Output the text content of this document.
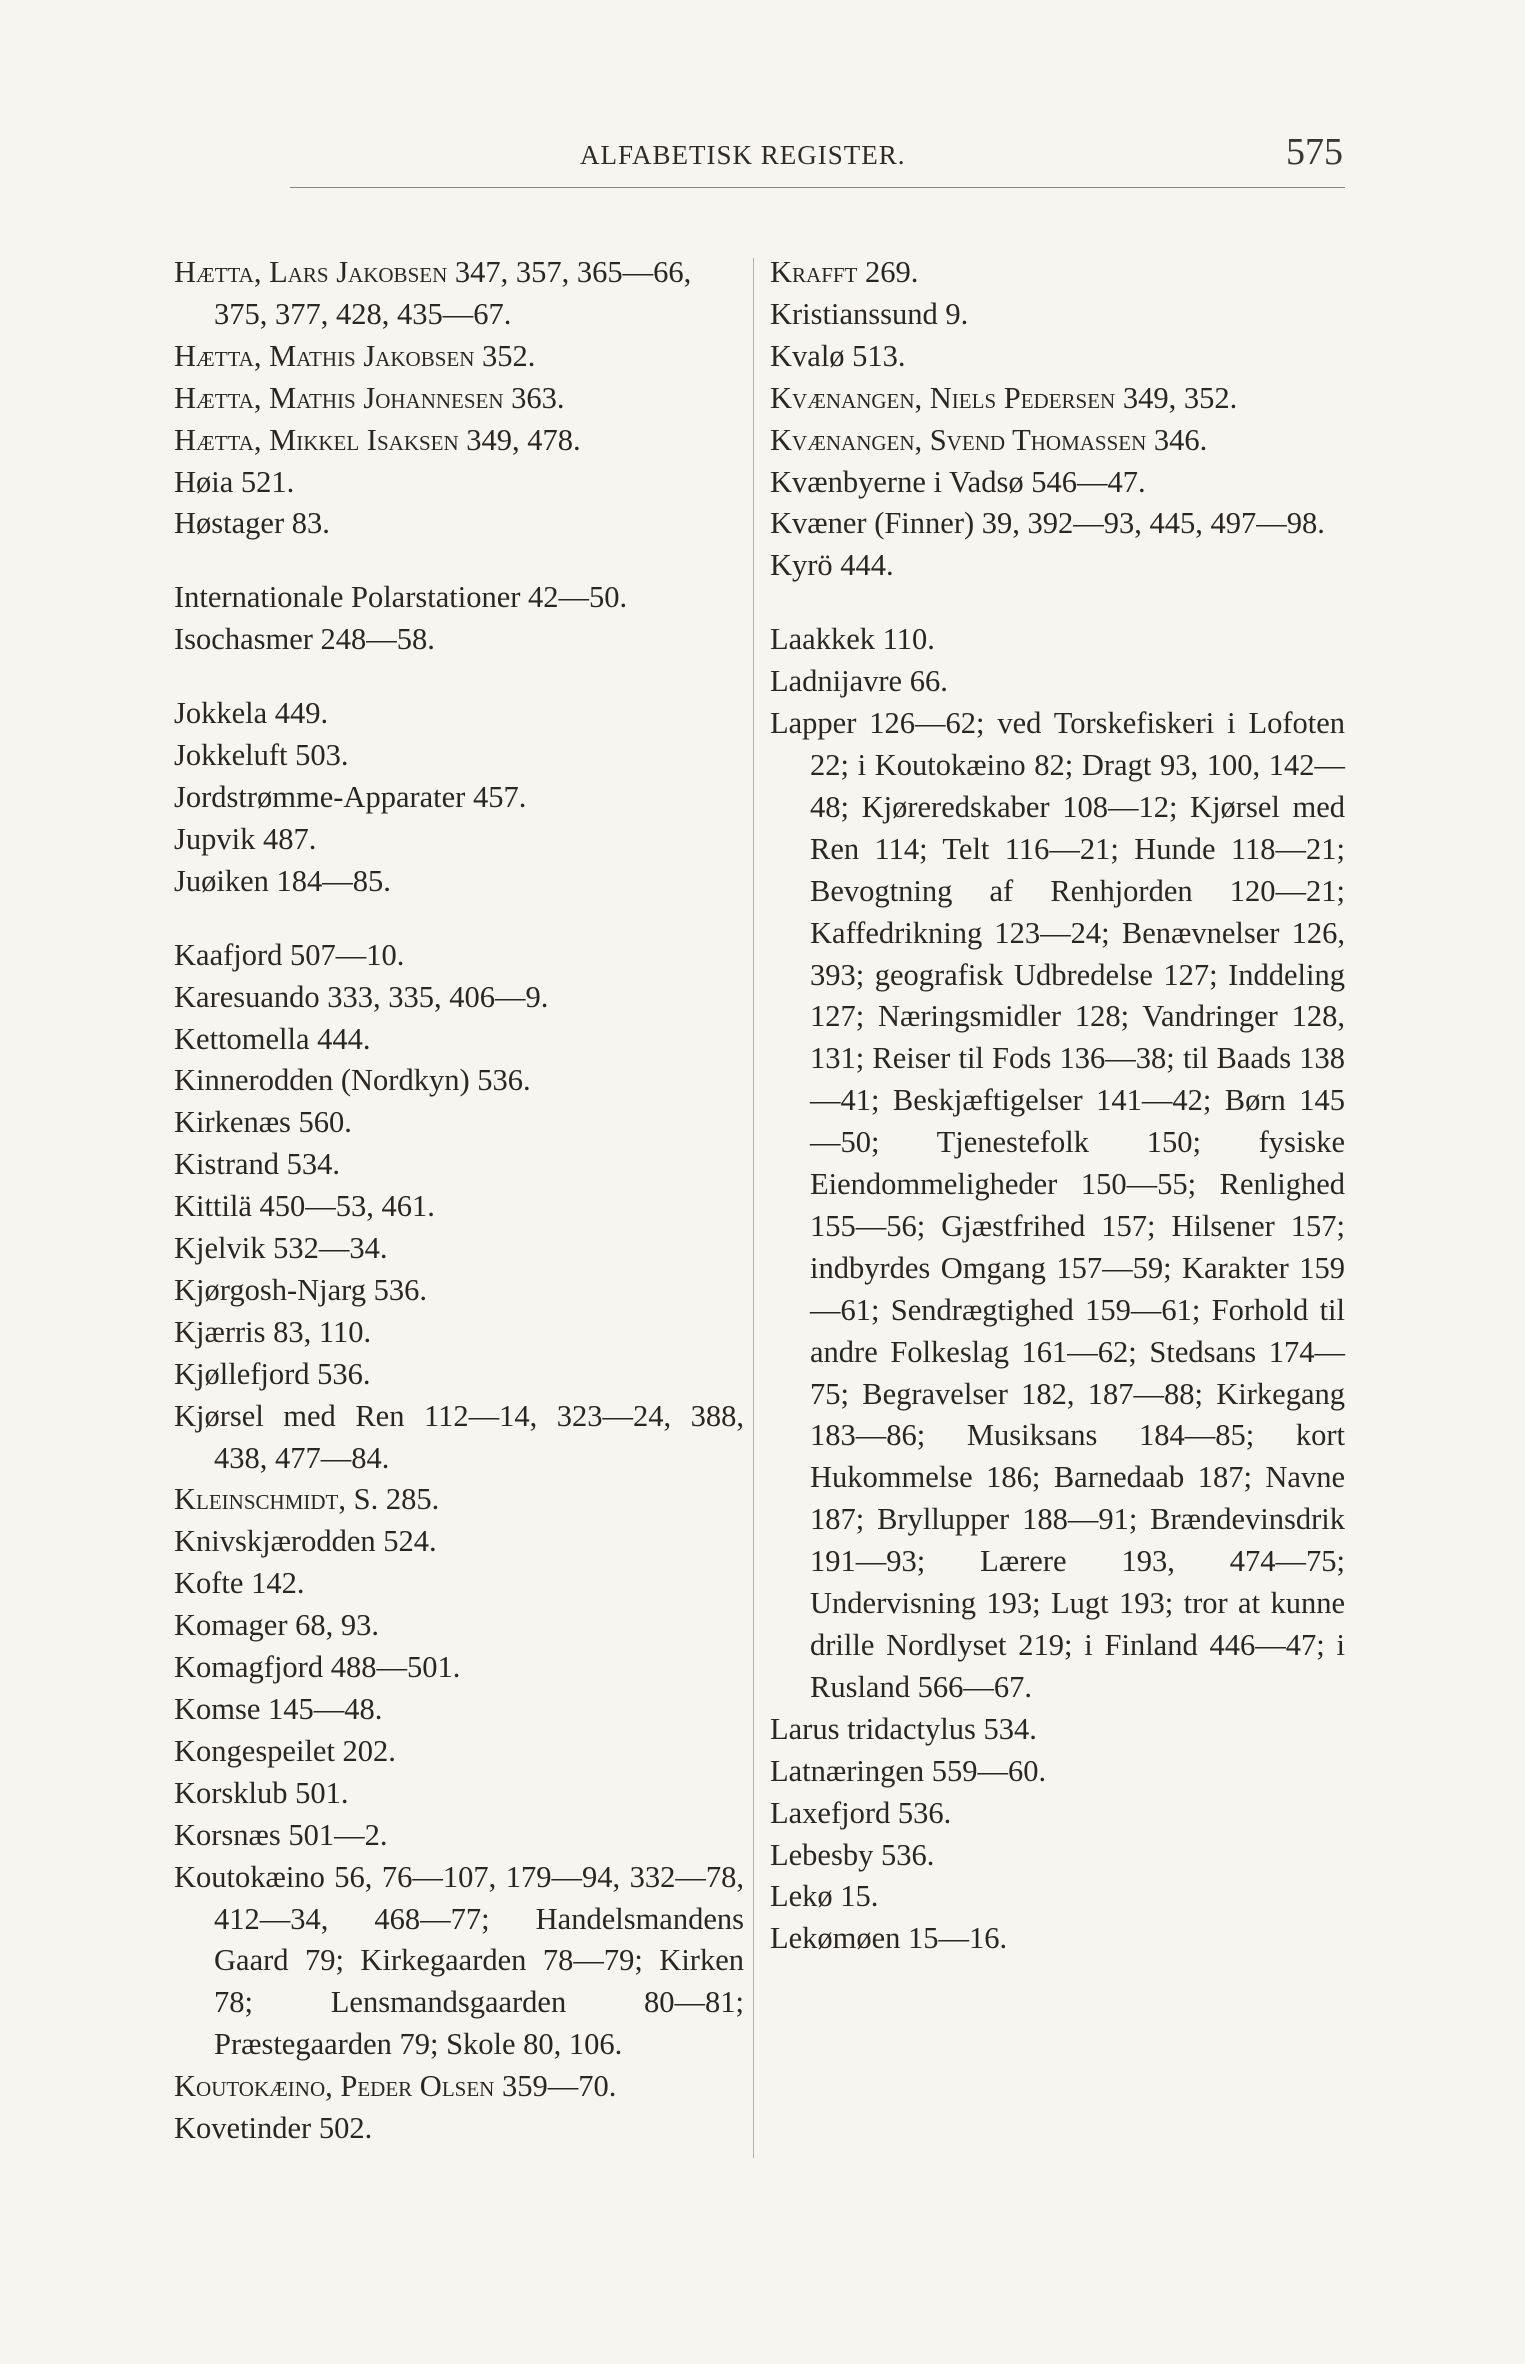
ALFABETISK REGISTER.	575
Hætta, Lars Jakobsen 347, 357, 365—66, 375, 377, 428, 435—67.
Hætta, Mathis Jakobsen 352.
Hætta, Mathis Johannesen 363.
Hætta, Mikkel Isaksen 349, 478.
Høia 521.
Høstager 83.
Internationale Polarstationer 42—50.
Isochasmer 248—58.
Jokkela 449.
Jokkeluft 503.
Jordstrømme-Apparater 457.
Jupvik 487.
Juøiken 184—85.
Kaafjord 507—10.
Karesuando 333, 335, 406—9.
Kettomella 444.
Kinnerodden (Nordkyn) 536.
Kirkenæs 560.
Kistrand 534.
Kittilä 450—53, 461.
Kjelvik 532—34.
Kjørgosh-Njarg 536.
Kjærris 83, 110.
Kjøllefjord 536.
Kjørsel med Ren 112—14, 323—24, 388, 438, 477—84.
Kleinschmidt, S. 285.
Knivskjærodden 524.
Kofte 142.
Komager 68, 93.
Komagfjord 488—501.
Komse 145—48.
Kongespeilet 202.
Korsklub 501.
Korsnæs 501—2.
Koutokæino 56, 76—107, 179—94, 332—78, 412—34, 468—77; Handelsmandens Gaard 79; Kirkegaarden 78—79; Kirken 78; Lensmandsgaarden 80—81; Præstegaarden 79; Skole 80, 106.
Koutokæino, Peder Olsen 359—70.
Kovetinder 502.
Krafft 269.
Kristianssund 9.
Kvalø 513.
Kvænangen, Niels Pedersen 349, 352.
Kvænangen, Svend Thomassen 346.
Kvænbyerne i Vadsø 546—47.
Kvæner (Finner) 39, 392—93, 445, 497—98.
Kyrö 444.
Laakkek 110.
Ladnijavre 66.
Lapper 126—62; ved Torskefiskeri i Lofoten 22; i Koutokæino 82; Dragt 93, 100, 142—48; Kjøreredskaber 108—12; Kjørsel med Ren 114; Telt 116—21; Hunde 118—21; Bevogtning af Renhjorden 120—21; Kaffedrikning 123—24; Benævnelser 126, 393; geografisk Udbredelse 127; Inddeling 127; Næringsmidler 128; Vandringer 128, 131; Reiser til Fods 136—38; til Baads 138—41; Beskjæftigelser 141—42; Børn 145—50; Tjenestefolk 150; fysiske Eiendommeligheder 150—55; Renlighed 155—56; Gjæstfrihed 157; Hilsener 157; indbyrdes Omgang 157—59; Karakter 159—61; Sendrægtighed 159—61; Forhold til andre Folkeslag 161—62; Stedsans 174—75; Begravelser 182, 187—88; Kirkegang 183—86; Musiksans 184—85; kort Hukommelse 186; Barnedaab 187; Navne 187; Bryllupper 188—91; Brændevinsdrik 191—93; Lærere 193, 474—75; Undervisning 193; Lugt 193; tror at kunne drille Nordlyset 219; i Finland 446—47; i Rusland 566—67.
Larus tridactylus 534.
Latnæringen 559—60.
Laxefjord 536.
Lebesby 536.
Lekø 15.
Lekømøen 15—16.
